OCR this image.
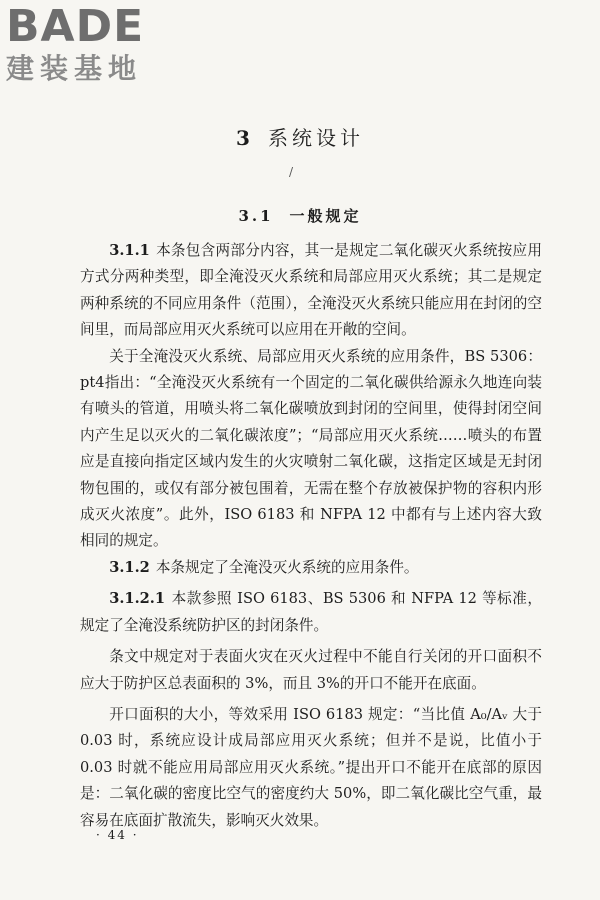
BADE
建装基地
3 系统设计
/
3.1 一般规定

3.1.1 本条包含两部分内容，其一是规定二氧化碳灭火系统按应用方式分两种类型，即全淹没灭火系统和局部应用灭火系统；其二是规定两种系统的不同应用条件（范围），全淹没灭火系统只能应用在封闭的空间里，而局部应用灭火系统可以应用在开敞的空间。

关于全淹没灭火系统、局部应用灭火系统的应用条件，BS 5306：pt4指出：“全淹没灭火系统有一个固定的二氧化碳供给源永久地连向装有喷头的管道，用喷头将二氧化碳喷放到封闭的空间里，使得封闭空间内产生足以灭火的二氧化碳浓度”；“局部应用灭火系统……喷头的布置应是直接向指定区域内发生的火灾喷射二氧化碳，这指定区域是无封闭物包围的，或仅有部分被包围着，无需在整个存放被保护物的容积内形成灭火浓度”。此外，ISO 6183 和 NFPA 12 中都有与上述内容大致相同的规定。

3.1.2 本条规定了全淹没灭火系统的应用条件。

3.1.2.1 本款参照 ISO 6183、BS 5306 和 NFPA 12 等标准，规定了全淹没系统防护区的封闭条件。

条文中规定对于表面火灾在灭火过程中不能自行关闭的开口面积不应大于防护区总表面积的 3%，而且 3%的开口不能开在底面。

开口面积的大小，等效采用 ISO 6183 规定：“当比值 A₀/Aᵥ 大于 0.03 时，系统应设计成局部应用灭火系统；但并不是说，比值小于 0.03 时就不能应用局部应用灭火系统。”提出开口不能开在底部的原因是：二氧化碳的密度比空气的密度约大 50%，即二氧化碳比空气重，最容易在底面扩散流失，影响灭火效果。

· 44 ·
